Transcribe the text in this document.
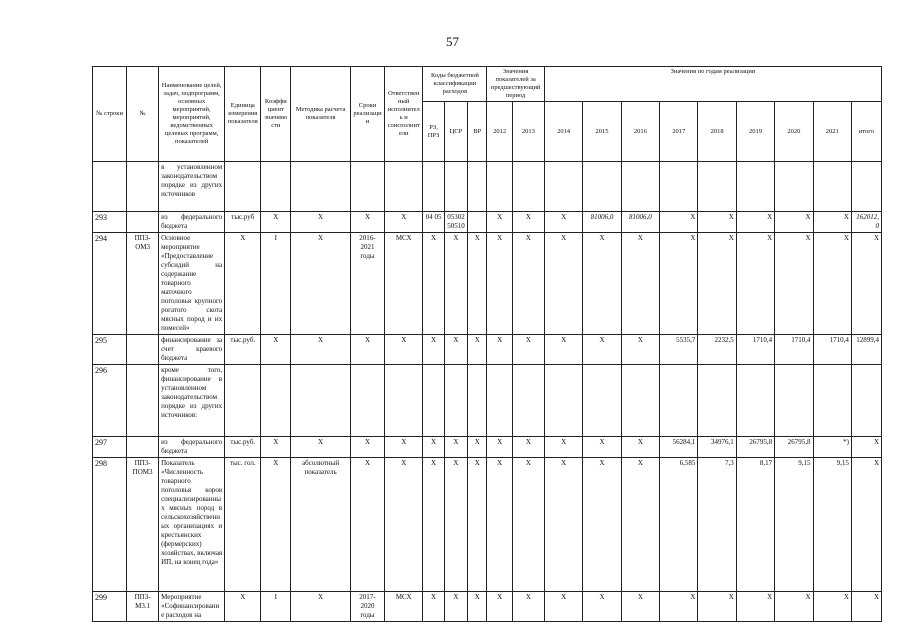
57
№ строки	№	Наименование целей, задач, подпрограмм, основных мероприятий, мероприятий, ведомственных целевых программ, показателей	Единица измерения показателя	Коэффициент значимости	Методика расчета показателя	Сроки реализации	Ответственный исполнитель и соисполнители	Коды бюджетной классификации расходов			Значения показателей за предшествующий период		Значения по годам реализации								
								РЗ, ПРЗ	ЦСР	ВР	2012	2013	2014	2015	2016	2017	2018	2019	2020	2021	итого
		в установленном законодательством порядке из других источников																			
293		из федерального бюджета	тыс.руб	X	X	X	X	04 05	05302 50510		X	X	X	81006,0	81006,0	X	X	X	X	X	162012,0
294	ПП3-ОМ3	Основное мероприятие «Предоставление субсидий на содержание товарного маточного поголовья крупного рогатого скота мясных пород и их помесей»	X	I	X	2016-2021 годы	МСХ	X	X	X	X	X	X	X	X	X	X	X	X	X	X
295		финансирование за счет краевого бюджета	тыс.руб.	X	X	X	X	X	X	X	X	X	X	X	X	5535,7	2232,5	1710,4	1710,4	1710,4	12899,4
296		кроме того, финансирование в установленном законодательством порядке из других источников:																			
297		из федерального бюджета	тыс.руб.	X	X	X	X	X	X	X	X	X	X	X	X	56284,1	34976,1	26795,8	26795,8	*)	X
298	ПП3-ПОМ3	Показатель «Численность товарного поголовья коров специализированных мясных пород в сельскохозяйственных организациях и крестьянских (фермерских) хозяйствах, включая ИП, на конец года»	тыс. гол.	X	абсолютный показатель	X	X	X	X	X	X	X	X	X	X	6,585	7,3	8,17	9,15	9,15	X
299	ПП3-М3.1	Мероприятие «Софинансирование расходов на	X	I	X	2017-2020 годы	МСХ	X	X	X	X	X	X	X	X	X	X	X	X	X	X
